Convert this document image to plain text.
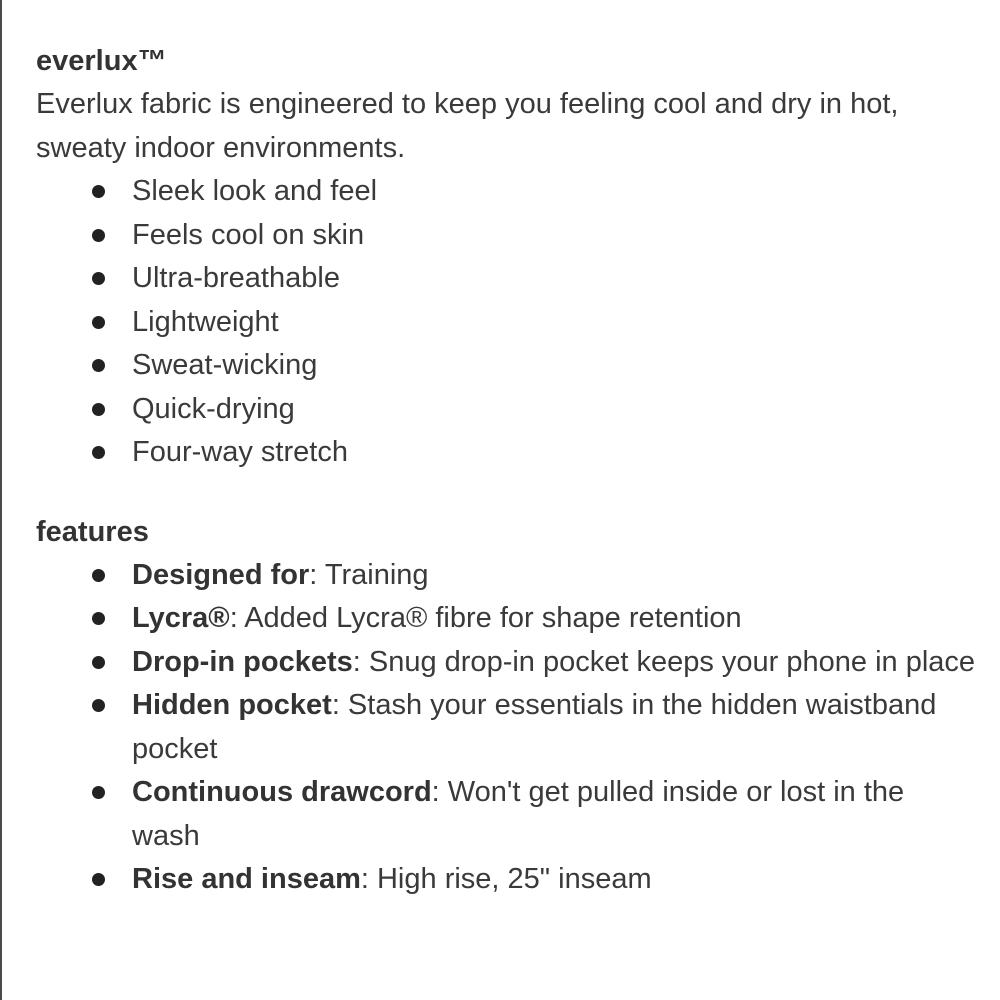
everlux™

Everlux fabric is engineered to keep you feeling cool and dry in hot, sweaty indoor environments.

Sleek look and feel
Feels cool on skin
Ultra-breathable
Lightweight
Sweat-wicking
Quick-drying
Four-way stretch
features
Designed for: Training
Lycra®: Added Lycra® fibre for shape retention
Drop-in pockets: Snug drop-in pocket keeps your phone in place
Hidden pocket: Stash your essentials in the hidden waistband pocket
Continuous drawcord: Won't get pulled inside or lost in the wash
Rise and inseam: High rise, 25" inseam
